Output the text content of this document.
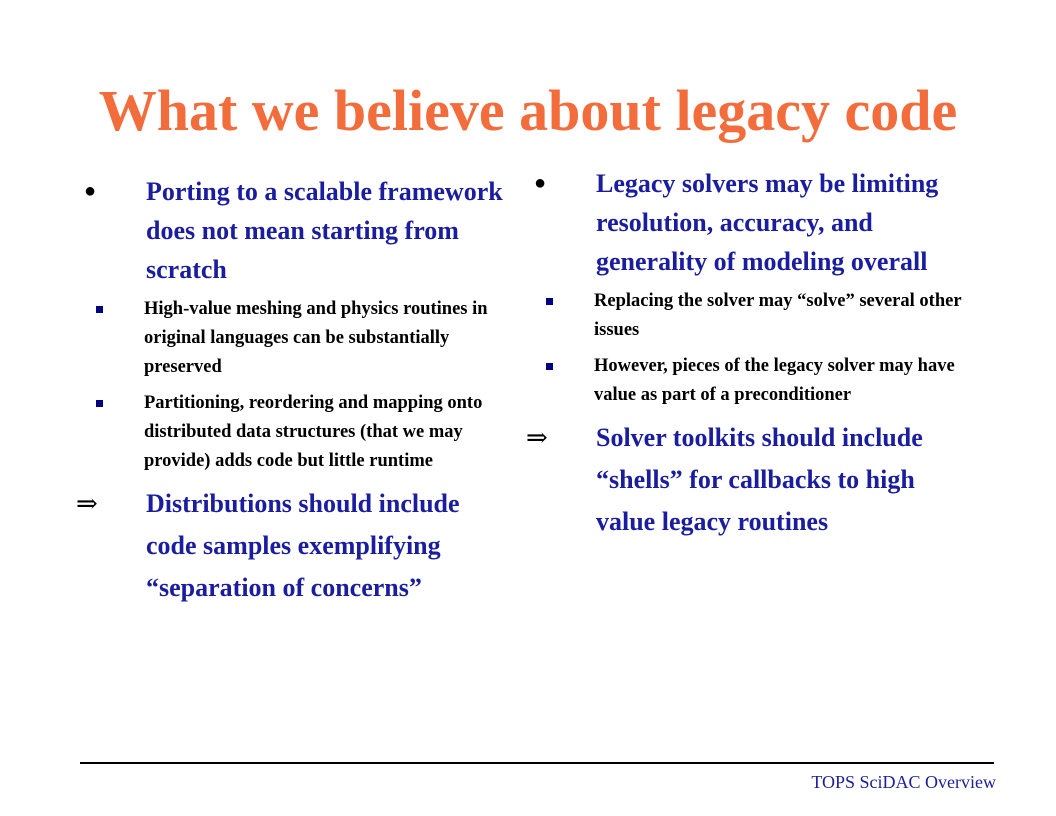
What we believe about legacy code
● Porting to a scalable framework does not mean starting from scratch
High-value meshing and physics routines in original languages can be substantially preserved
Partitioning, reordering and mapping onto distributed data structures (that we may provide) adds code but little runtime
⇒ Distributions should include code samples exemplifying “separation of concerns”
● Legacy solvers may be limiting resolution, accuracy, and generality of modeling overall
Replacing the solver may “solve” several other issues
However, pieces of the legacy solver may have value as part of a preconditioner
⇒ Solver toolkits should include “shells” for callbacks to high value legacy routines
TOPS SciDAC Overview
